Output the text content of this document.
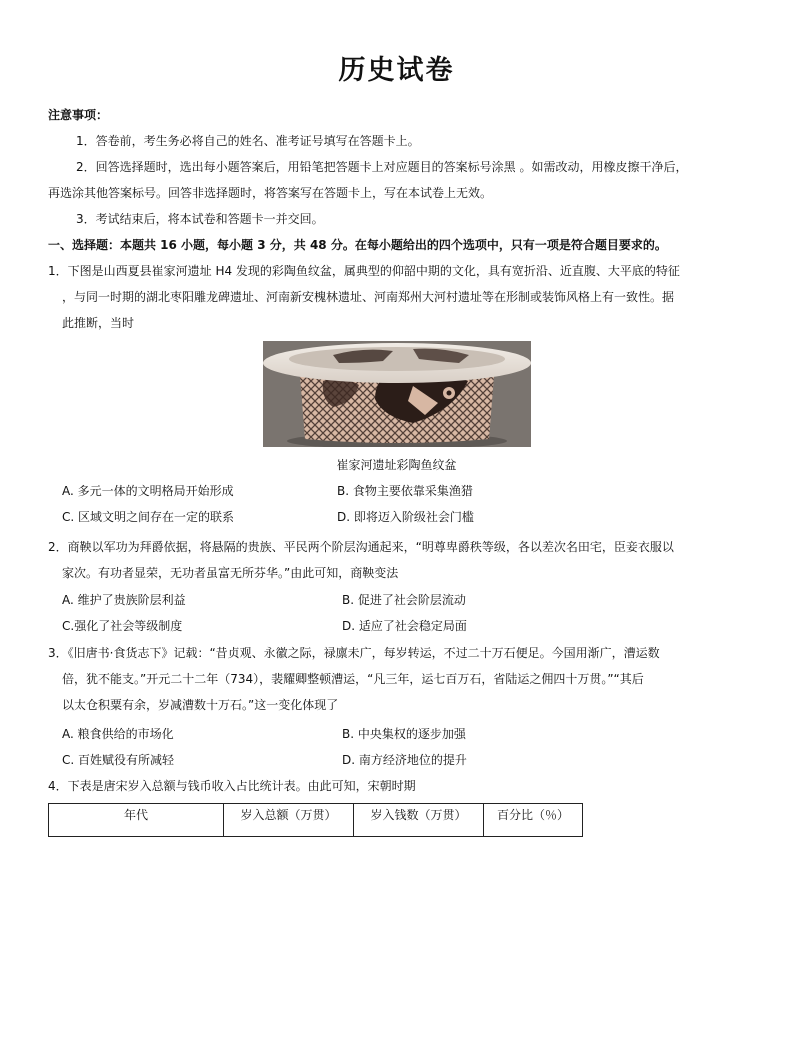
历史试卷
注意事项：
1．答卷前，考生务必将自己的姓名、准考证号填写在答题卡上。
2．回答选择题时，选出每小题答案后，用铅笔把答题卡上对应题目的答案标号涂黑 。如需改动，用橡皮擦干净后，
再选涂其他答案标号。回答非选择题时，将答案写在答题卡上，写在本试卷上无效。
3．考试结束后，将本试卷和答题卡一并交回。
一、选择题：本题共 16 小题，每小题 3 分，共 48 分。在每小题给出的四个选项中，只有一项是符合题目要求的。
1．下图是山西夏县崔家河遗址 H4 发现的彩陶鱼纹盆，属典型的仰韶中期的文化，具有宽折沿、近直腹、大平底的特征
，与同一时期的湖北枣阳雕龙碑遗址、河南新安槐林遗址、河南郑州大河村遗址等在形制或装饰风格上有一致性。据
此推断，当时
崔家河遗址彩陶鱼纹盆
A. 多元一体的文明格局开始形成	B. 食物主要依靠采集渔猎
C. 区域文明之间存在一定的联系	D. 即将迈入阶级社会门槛
2．商鞅以军功为拜爵依据，将悬隔的贵族、平民两个阶层沟通起来，“明尊卑爵秩等级，各以差次名田宅，臣妾衣服以
家次。有功者显荣，无功者虽富无所芬华。”由此可知，商鞅变法
A. 维护了贵族阶层利益	B. 促进了社会阶层流动
C.强化了社会等级制度	D. 适应了社会稳定局面
3．《旧唐书·食货志下》记载：“昔贞观、永徽之际，禄廪未广，每岁转运，不过二十万石便足。今国用渐广，漕运数
倍，犹不能支。”开元二十二年（734），裴耀卿整顿漕运，“凡三年，运七百万石，省陆运之佣四十万贯。”“其后
以太仓积粟有余，岁减漕数十万石。”这一变化体现了
A. 粮食供给的市场化	B. 中央集权的逐步加强
C. 百姓赋役有所减轻	D. 南方经济地位的提升
4．下表是唐宋岁入总额与钱币收入占比统计表。由此可知，宋朝时期
年代	岁入总额（万贯）	岁入钱数（万贯）	百分比（％）
